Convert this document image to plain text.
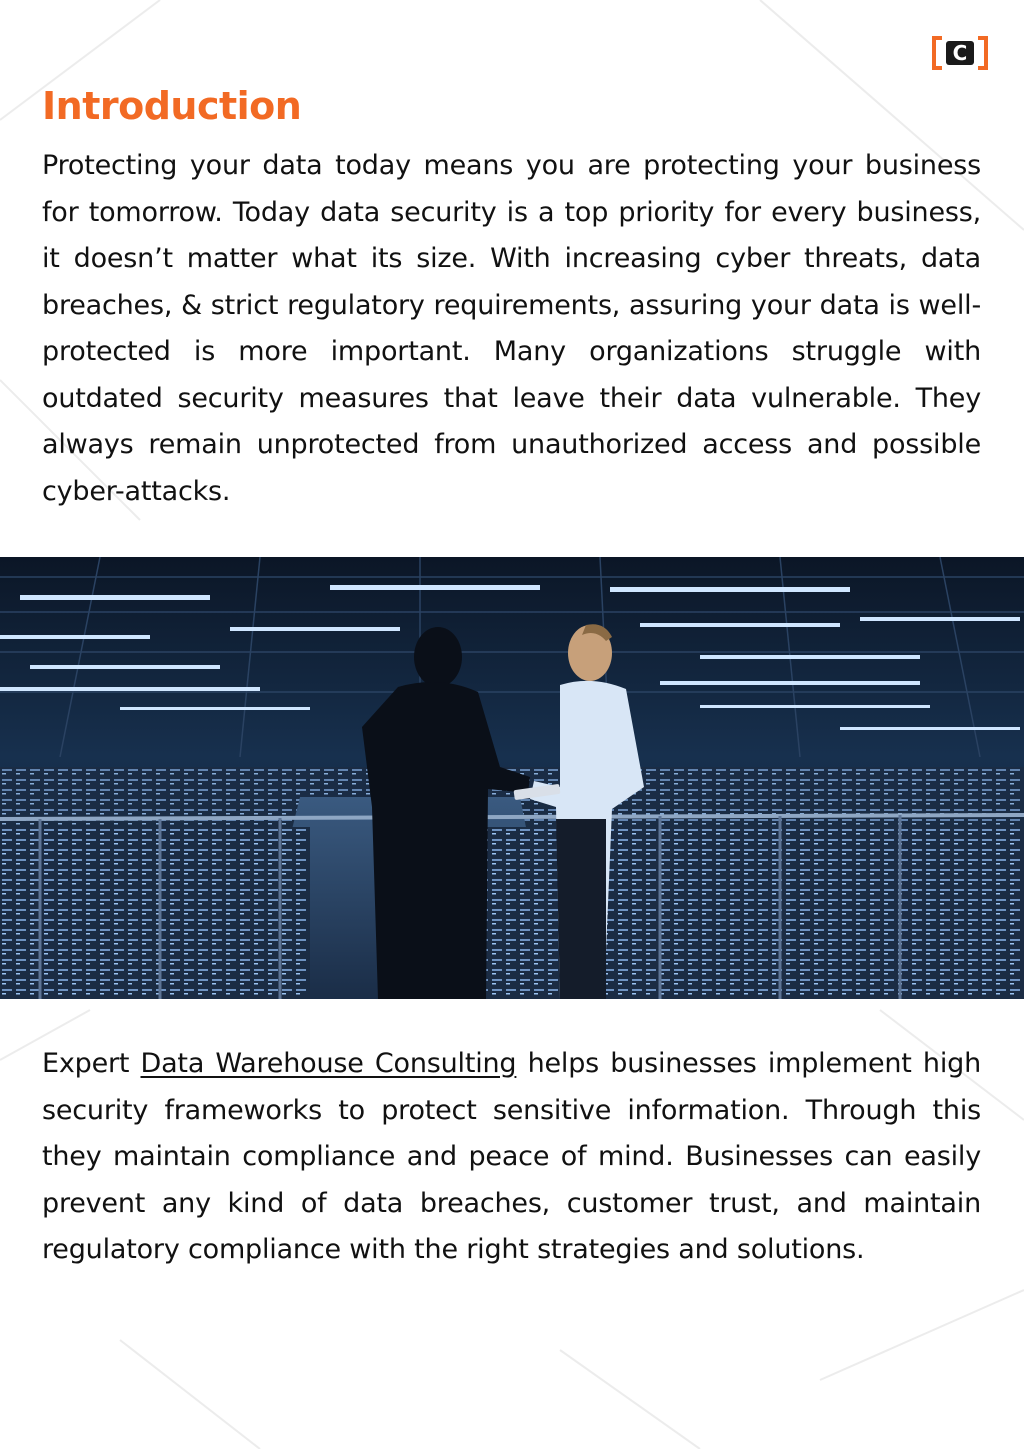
C
Introduction

Protecting your data today means you are protecting your business for tomorrow. Today data security is a top priority for every business, it doesn’t matter what its size. With increasing cyber threats, data breaches, & strict regulatory requirements, assuring your data is well-protected is more important. Many organizations struggle with outdated security measures that leave their data vulnerable. They always remain unprotected from unauthorized access and possible cyber-attacks.

Expert Data Warehouse Consulting helps businesses implement high security frameworks to protect sensitive information. Through this they maintain compliance and peace of mind. Businesses can easily prevent any kind of data breaches, customer trust, and maintain regulatory compliance with the right strategies and solutions.
